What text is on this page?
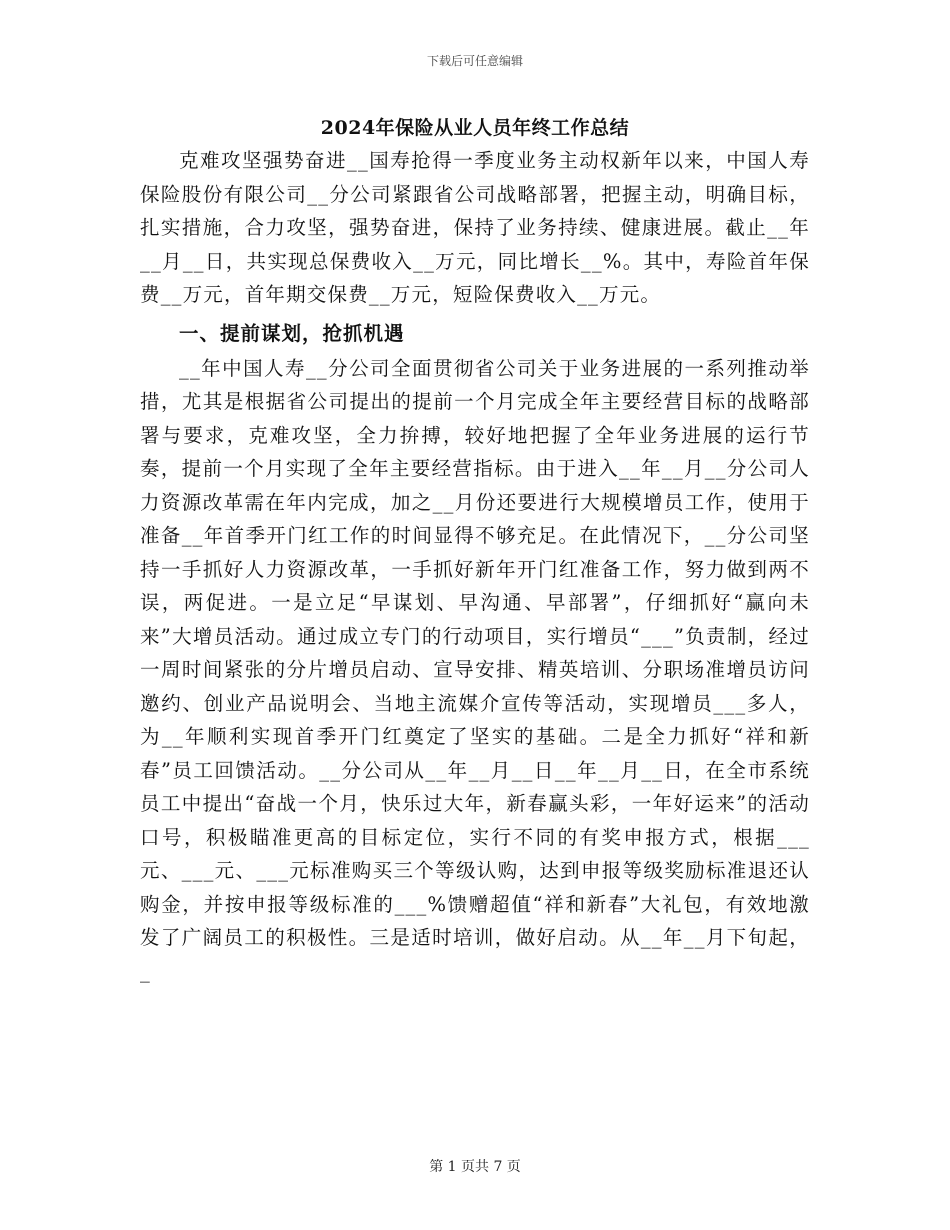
下载后可任意编辑
2024年保险从业人员年终工作总结

克难攻坚强势奋进__国寿抢得一季度业务主动权新年以来，中国人寿保险股份有限公司__分公司紧跟省公司战略部署，把握主动，明确目标，扎实措施，合力攻坚，强势奋进，保持了业务持续、健康进展。截止__年__月__日，共实现总保费收入__万元，同比增长__%。其中，寿险首年保费__万元，首年期交保费__万元，短险保费收入__万元。

一、提前谋划，抢抓机遇

__年中国人寿__分公司全面贯彻省公司关于业务进展的一系列推动举措，尤其是根据省公司提出的提前一个月完成全年主要经营目标的战略部署与要求，克难攻坚，全力拚搏，较好地把握了全年业务进展的运行节奏，提前一个月实现了全年主要经营指标。由于进入__年__月__分公司人力资源改革需在年内完成，加之__月份还要进行大规模增员工作，使用于准备__年首季开门红工作的时间显得不够充足。在此情况下，__分公司坚持一手抓好人力资源改革，一手抓好新年开门红准备工作，努力做到两不误，两促进。一是立足“早谋划、早沟通、早部署”，仔细抓好“赢向未来”大增员活动。通过成立专门的行动项目，实行增员“___”负责制，经过一周时间紧张的分片增员启动、宣导安排、精英培训、分职场准增员访问邀约、创业产品说明会、当地主流媒介宣传等活动，实现增员___多人，为__年顺利实现首季开门红奠定了坚实的基础。二是全力抓好“祥和新春”员工回馈活动。__分公司从__年__月__日__年__月__日，在全市系统员工中提出“奋战一个月，快乐过大年，新春赢头彩，一年好运来”的活动口号，积极瞄准更高的目标定位，实行不同的有奖申报方式，根据___元、___元、___元标准购买三个等级认购，达到申报等级奖励标准退还认购金，并按申报等级标准的___%馈赠超值“祥和新春”大礼包，有效地激发了广阔员工的积极性。三是适时培训，做好启动。从__年__月下旬起，_

第 1 页共 7 页
